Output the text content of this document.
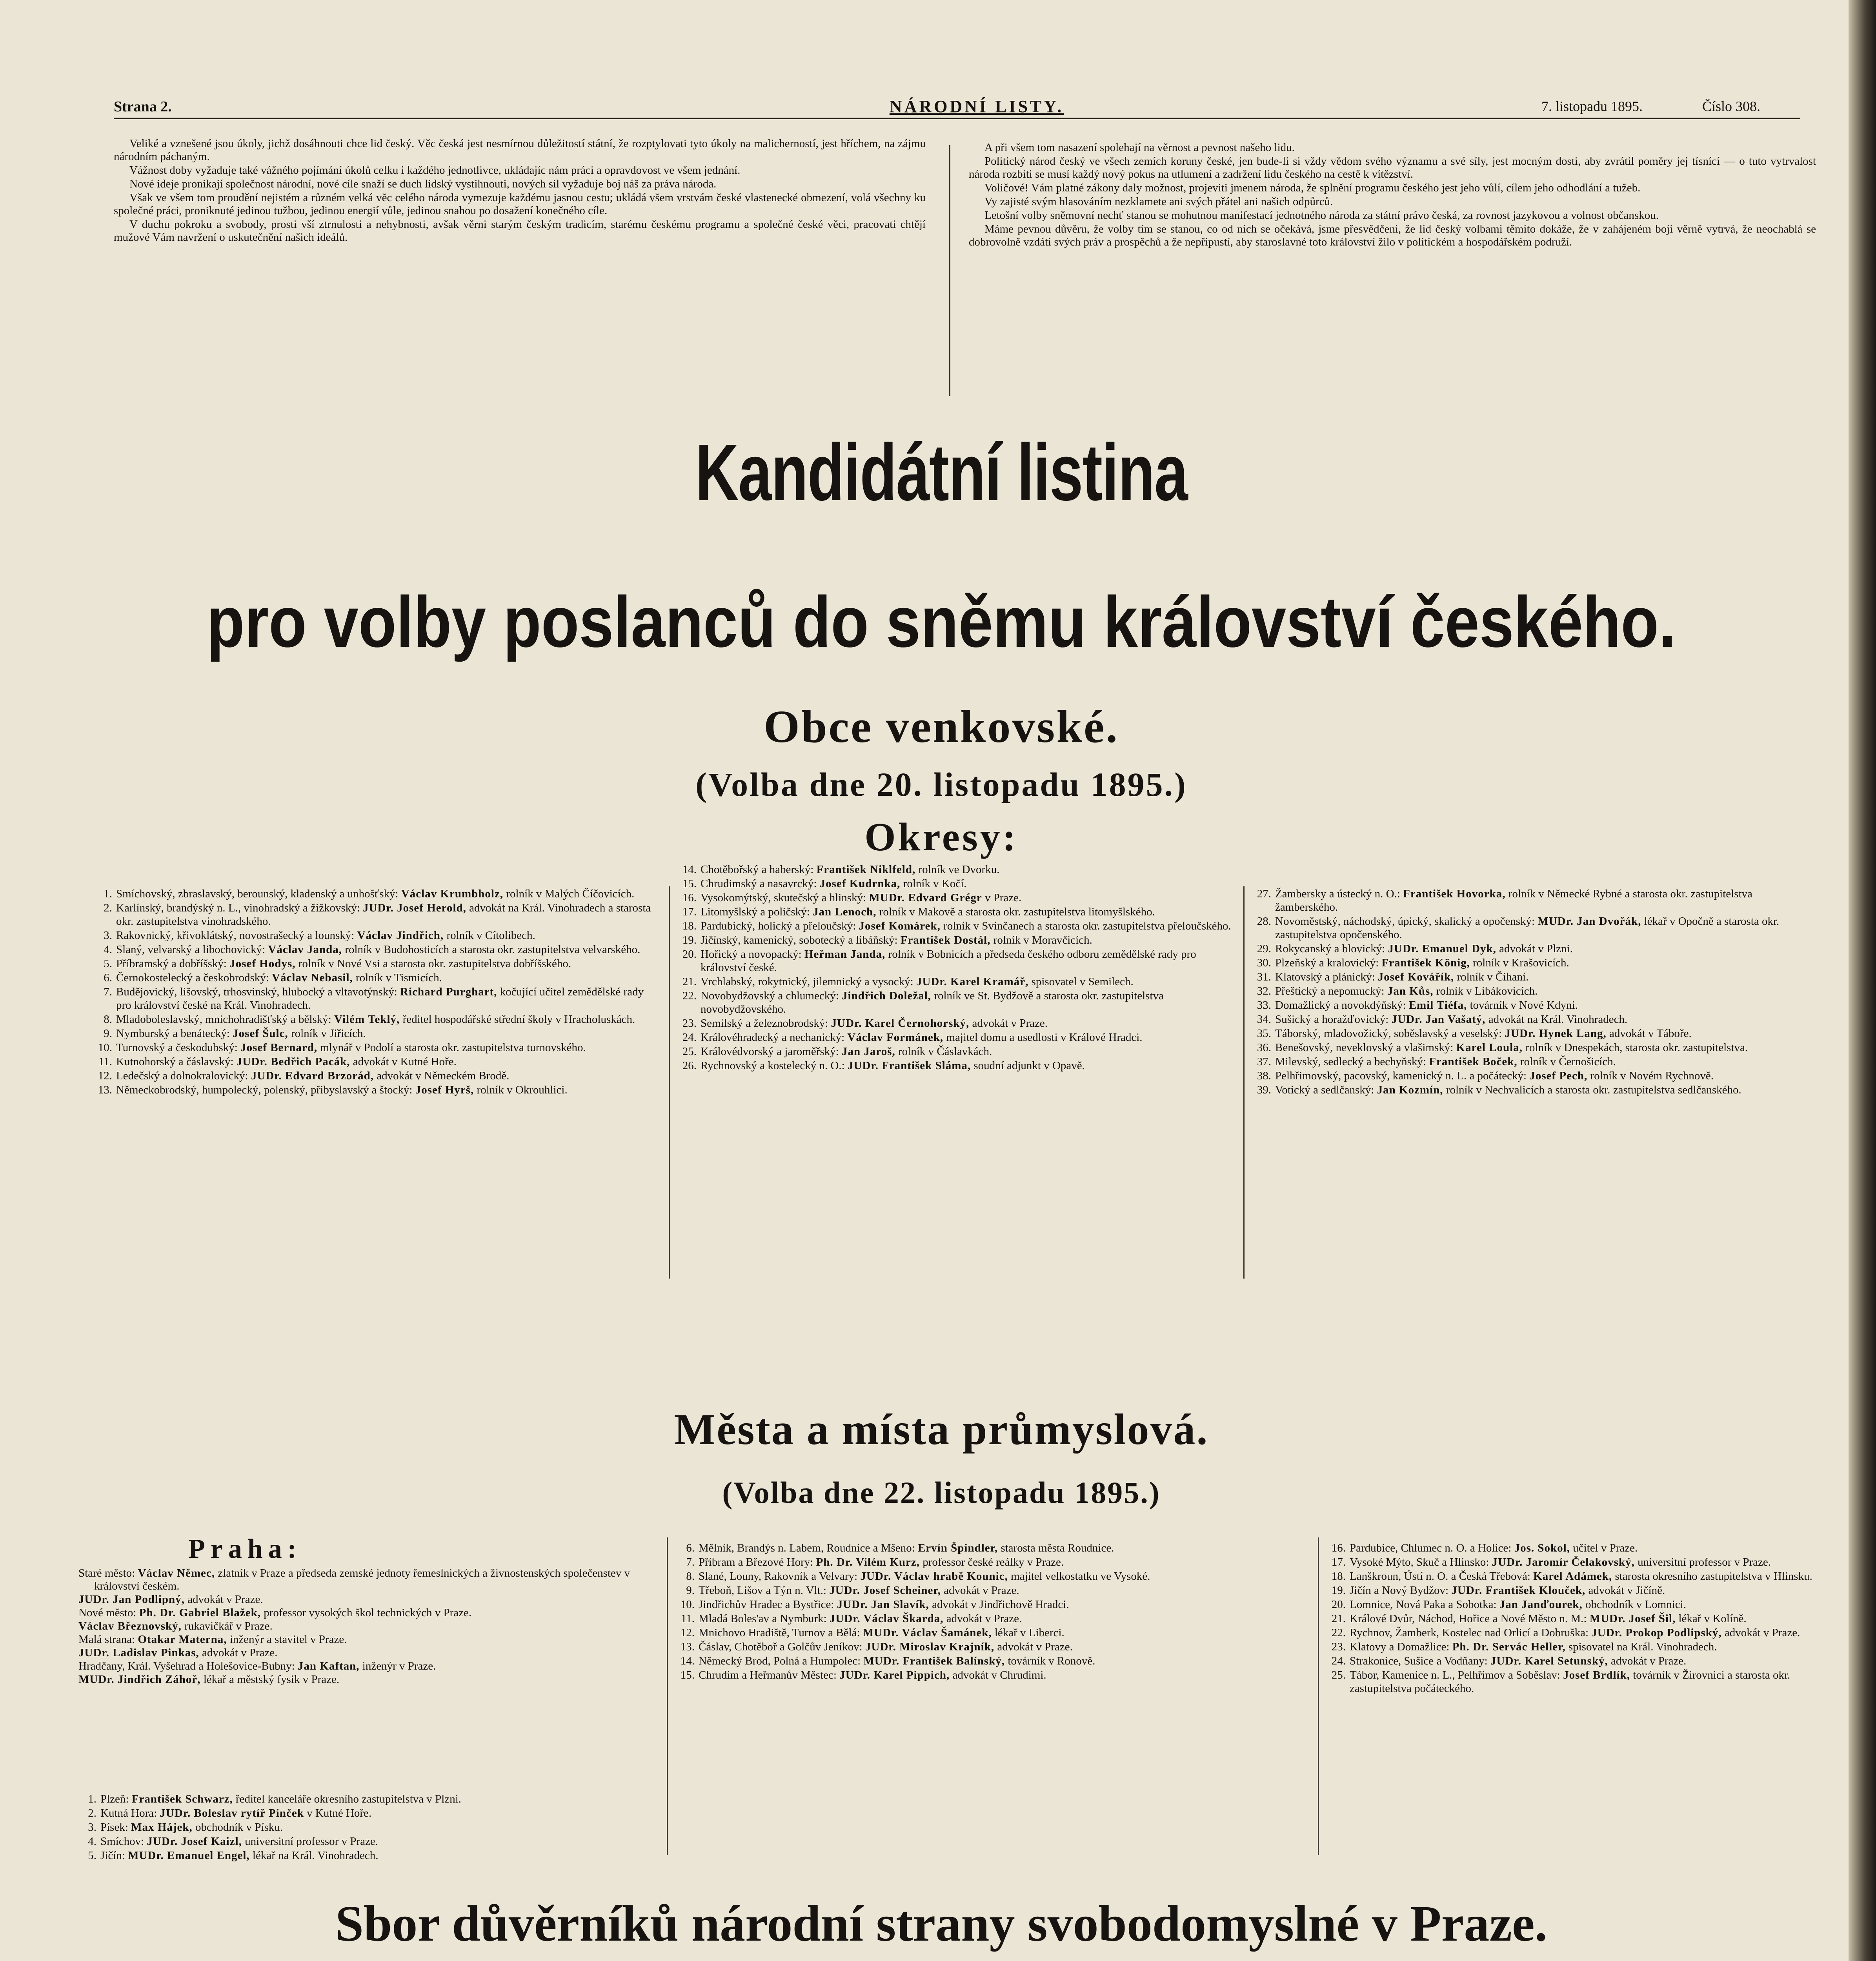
Strana 2.	NÁRODNÍ LISTY.	7. listopadu 1895.	Číslo 308.

Veliké a vznešené jsou úkoly, jichž dosáhnouti chce lid český. Věc česká jest nesmírnou důležitostí státní, že rozptylovati tyto úkoly na malicherností, jest hříchem, na zájmu národním páchaným.

Vážnost doby vyžaduje také vážného pojímání úkolů celku i každého jednotlivce, ukládajíc nám práci a opravdovost ve všem jednání.

Nové ideje pronikají společnost národní, nové cíle snaží se duch lidský vystihnouti, nových sil vyžaduje boj náš za práva národa.

Však ve všem tom proudění nejistém a různém velká věc celého národa vymezuje každému jasnou cestu; ukládá všem vrstvám české vlastenecké obmezení, volá všechny ku společné práci, proniknuté jedinou tužbou, jedinou energií vůle, jedinou snahou po dosažení konečného cíle.

V duchu pokroku a svobody, prosti vší ztrnulosti a nehybnosti, avšak věrni starým českým tradicím, starému českému programu a společné české věci, pracovati chtějí mužové Vám navržení o uskutečnění našich ideálů.

A při všem tom nasazení spolehají na věrnost a pevnost našeho lidu.

Politický národ český ve všech zemích koruny české, jen bude-li si vždy vědom svého významu a své síly, jest mocným dosti, aby zvrátil poměry jej tísnící — o tuto vytrvalost národa rozbiti se musí každý nový pokus na utlumení a zadržení lidu českého na cestě k vítězství.

Voličové! Vám platné zákony daly možnost, projeviti jmenem národa, že splnění programu českého jest jeho vůlí, cílem jeho odhodlání a tužeb.

Vy zajisté svým hlasováním nezklamete ani svých přátel ani našich odpůrců.

Letošní volby sněmovní nechť stanou se mohutnou manifestací jednotného národa za státní právo česká, za rovnost jazykovou a volnost občanskou.

Máme pevnou důvěru, že volby tím se stanou, co od nich se očekává, jsme přesvědčeni, že lid český volbami těmito dokáže, že v zahájeném boji věrně vytrvá, že neochablá se dobrovolně vzdáti svých práv a prospěchů a že nepřipustí, aby staroslavné toto království žilo v politickém a hospodářském podruží.

Kandidátní listina
pro volby poslanců do sněmu království českého.
Obce venkovské.
(Volba dne 20. listopadu 1895.)
Okresy:
1. Smíchovský, zbraslavský, berounský, kladenský a unhošťský: Václav Krumbholz, rolník v Malých Číčovicích.
2. Karlínský, brandýský n. L., vinohradský a žižkovský: JUDr. Josef Herold, advokát na Král. Vinohradech a starosta okr. zastupitelstva vinohradského.
3. Rakovnický, křivoklátský, novostrašecký a lounský: Václav Jindřich, rolník v Cítolibech.
4. Slaný, velvarský a libochovický: Václav Janda, rolník v Budohosticích a starosta okr. zastupitelstva velvarského.
5. Příbramský a dobříšský: Josef Hodys, rolník v Nové Vsi a starosta okr. zastupitelstva dobříšského.
6. Černokostelecký a českobrodský: Václav Nebasil, rolník v Tismicích.
7. Budějovický, lišovský, trhosvinský, hlubocký a vltavotýnský: Richard Purghart, kočující učitel zemědělské rady pro království české na Král. Vinohradech.
8. Mladoboleslavský, mnichohradišťský a bělský: Vilém Teklý, ředitel hospodářské střední školy v Hracholuskách.
9. Nymburský a benátecký: Josef Šulc, rolník v Jiřicích.
10. Turnovský a českodubský: Josef Bernard, mlynář v Podolí a starosta okr. zastupitelstva turnovského.
11. Kutnohorský a čáslavský: JUDr. Bedřich Pacák, advokát v Kutné Hoře.
12. Ledečský a dolnokralovický: JUDr. Edvard Brzorád, advokát v Německém Brodě.
13. Německobrodský, humpolecký, polenský, přibyslavský a štocký: Josef Hyrš, rolník v Okrouhlici.
14. Chotěbořský a haberský: František Niklfeld, rolník ve Dvorku.
15. Chrudimský a nasavrcký: Josef Kudrnka, rolník v Kočí.
16. Vysokomýtský, skutečský a hlinský: MUDr. Edvard Grégr v Praze.
17. Litomyšlský a poličský: Jan Lenoch, rolník v Makově a starosta okr. zastupitelstva litomyšlského.
18. Pardubický, holický a přeloučský: Josef Komárek, rolník v Svinčanech a starosta okr. zastupitelstva přeloučského.
19. Jičínský, kamenický, sobotecký a libáňský: František Dostál, rolník v Moravčicích.
20. Hořický a novopacký: Heřman Janda, rolník v Bobnicích a předseda českého odboru zemědělské rady pro království české.
21. Vrchlabský, rokytnický, jilemnický a vysocký: JUDr. Karel Kramář, spisovatel v Semilech.
22. Novobydžovský a chlumecký: Jindřich Doležal, rolník ve St. Bydžově a starosta okr. zastupitelstva novobydžovského.
23. Semilský a železnobrodský: JUDr. Karel Černohorský, advokát v Praze.
24. Královéhradecký a nechanický: Václav Formánek, majitel domu a usedlosti v Králové Hradci.
25. Královédvorský a jaroměřský: Jan Jaroš, rolník v Čáslavkách.
26. Rychnovský a kostelecký n. O.: JUDr. František Sláma, soudní adjunkt v Opavě.
27. Žambersky a ústecký n. O.: František Hovorka, rolník v Německé Rybné a starosta okr. zastupitelstva žamberského.
28. Novoměstský, náchodský, úpický, skalický a opočenský: MUDr. Jan Dvořák, lékař v Opočně a starosta okr. zastupitelstva opočenského.
29. Rokycanský a blovický: JUDr. Emanuel Dyk, advokát v Plzni.
30. Plzeňský a kralovický: František König, rolník v Krašovicích.
31. Klatovský a plánický: Josef Kovářík, rolník v Čihaní.
32. Přeštický a nepomucký: Jan Kůs, rolník v Libákovicích.
33. Domažlický a novokdýňský: Emil Tiéfa, továrník v Nové Kdyni.
34. Sušický a horažďovický: JUDr. Jan Vašatý, advokát na Král. Vinohradech.
35. Táborský, mladovožický, soběslavský a veselský: JUDr. Hynek Lang, advokát v Táboře.
36. Benešovský, neveklovský a vlašimský: Karel Loula, rolník v Dnespekách, starosta okr. zastupitelstva.
37. Milevský, sedlecký a bechyňský: František Boček, rolník v Černošicích.
38. Pelhřimovský, pacovský, kamenický n. L. a počátecký: Josef Pech, rolník v Novém Rychnově.
39. Votický a sedlčanský: Jan Kozmín, rolník v Nechvalicích a starosta okr. zastupitelstva sedlčanského.
Města a místa průmyslová.
(Volba dne 22. listopadu 1895.)
Praha:
Staré město: Václav Němec, zlatník v Praze a předseda zemské jednoty řemeslnických a živnostenských společenstev v království českém.
JUDr. Jan Podlipný, advokát v Praze.
Nové město: Ph. Dr. Gabriel Blažek, professor vysokých škol technických v Praze.
Václav Březnovský, rukavičkář v Praze.
Malá strana: Otakar Materna, inženýr a stavitel v Praze.
JUDr. Ladislav Pinkas, advokát v Praze.
Hradčany, Král. Vyšehrad a Holešovice-Bubny: Jan Kaftan, inženýr v Praze.
MUDr. Jindřich Záhoř, lékař a městský fysik v Praze.
1. Plzeň: František Schwarz, ředitel kanceláře okresního zastupitelstva v Plzni.
2. Kutná Hora: JUDr. Boleslav rytíř Pinček v Kutné Hoře.
3. Písek: Max Hájek, obchodník v Písku.
4. Smíchov: JUDr. Josef Kaizl, universitní professor v Praze.
5. Jičín: MUDr. Emanuel Engel, lékař na Král. Vinohradech.
6. Mělník, Brandýs n. Labem, Roudnice a Mšeno: Ervín Špindler, starosta města Roudnice.
7. Příbram a Březové Hory: Ph. Dr. Vilém Kurz, professor české reálky v Praze.
8. Slané, Louny, Rakovník a Velvary: JUDr. Václav hrabě Kounic, majitel velkostatku ve Vysoké.
9. Třeboň, Lišov a Týn n. Vlt.: JUDr. Josef Scheiner, advokát v Praze.
10. Jindřichův Hradec a Bystřice: JUDr. Jan Slavík, advokát v Jindřichově Hradci.
11. Mladá Boles'av a Nymburk: JUDr. Václav Škarda, advokát v Praze.
12. Mnichovo Hradiště, Turnov a Bělá: MUDr. Václav Šamánek, lékař v Liberci.
13. Čáslav, Chotěboř a Golčův Jeníkov: JUDr. Miroslav Krajník, advokát v Praze.
14. Německý Brod, Polná a Humpolec: MUDr. František Balínský, továrník v Ronově.
15. Chrudim a Heřmanův Městec: JUDr. Karel Pippich, advokát v Chrudimi.
16. Pardubice, Chlumec n. O. a Holice: Jos. Sokol, učitel v Praze.
17. Vysoké Mýto, Skuč a Hlinsko: JUDr. Jaromír Čelakovský, universitní professor v Praze.
18. Lanškroun, Ústí n. O. a Česká Třebová: Karel Adámek, starosta okresního zastupitelstva v Hlinsku.
19. Jičín a Nový Bydžov: JUDr. František Klouček, advokát v Jičíně.
20. Lomnice, Nová Paka a Sobotka: Jan Janďourek, obchodník v Lomnici.
21. Králové Dvůr, Náchod, Hořice a Nové Město n. M.: MUDr. Josef Šil, lékař v Kolíně.
22. Rychnov, Žamberk, Kostelec nad Orlicí a Dobruška: JUDr. Prokop Podlipský, advokát v Praze.
23. Klatovy a Domažlice: Ph. Dr. Servác Heller, spisovatel na Král. Vinohradech.
24. Strakonice, Sušice a Vodňany: JUDr. Karel Setunský, advokát v Praze.
25. Tábor, Kamenice n. L., Pelhřimov a Soběslav: Josef Brdlík, továrník v Žirovnici a starosta okr. zastupitelstva počáteckého.
Sbor důvěrníků národní strany svobodomyslné v Praze.
